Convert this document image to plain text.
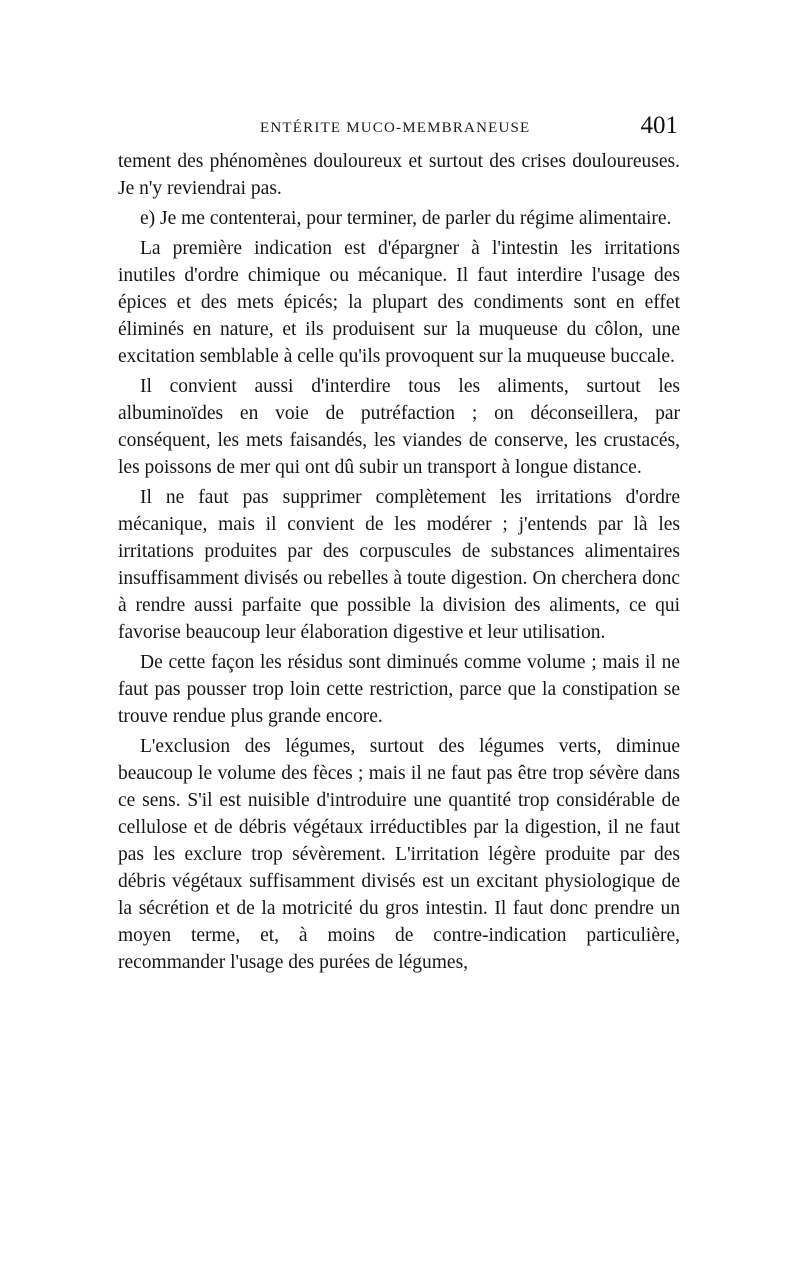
ENTÉRITE MUCO-MEMBRANEUSE	401

tement des phénomènes douloureux et surtout des crises douloureuses. Je n'y reviendrai pas.

e) Je me contenterai, pour terminer, de parler du régime alimentaire.

La première indication est d'épargner à l'intestin les irritations inutiles d'ordre chimique ou mécanique. Il faut interdire l'usage des épices et des mets épicés; la plupart des condiments sont en effet éliminés en nature, et ils produisent sur la muqueuse du côlon, une excitation semblable à celle qu'ils provoquent sur la muqueuse buccale.

Il convient aussi d'interdire tous les aliments, surtout les albuminoïdes en voie de putréfaction ; on déconseillera, par conséquent, les mets faisandés, les viandes de conserve, les crustacés, les poissons de mer qui ont dû subir un transport à longue distance.

Il ne faut pas supprimer complètement les irritations d'ordre mécanique, mais il convient de les modérer ; j'entends par là les irritations produites par des corpuscules de substances alimentaires insuffisamment divisés ou rebelles à toute digestion. On cherchera donc à rendre aussi parfaite que possible la division des aliments, ce qui favorise beaucoup leur élaboration digestive et leur utilisation.

De cette façon les résidus sont diminués comme volume ; mais il ne faut pas pousser trop loin cette restriction, parce que la constipation se trouve rendue plus grande encore.

L'exclusion des légumes, surtout des légumes verts, diminue beaucoup le volume des fèces ; mais il ne faut pas être trop sévère dans ce sens. S'il est nuisible d'introduire une quantité trop considérable de cellulose et de débris végétaux irréductibles par la digestion, il ne faut pas les exclure trop sévèrement. L'irritation légère produite par des débris végétaux suffisamment divisés est un excitant physiologique de la sécrétion et de la motricité du gros intestin. Il faut donc prendre un moyen terme, et, à moins de contre-indication particulière, recommander l'usage des purées de légumes,
